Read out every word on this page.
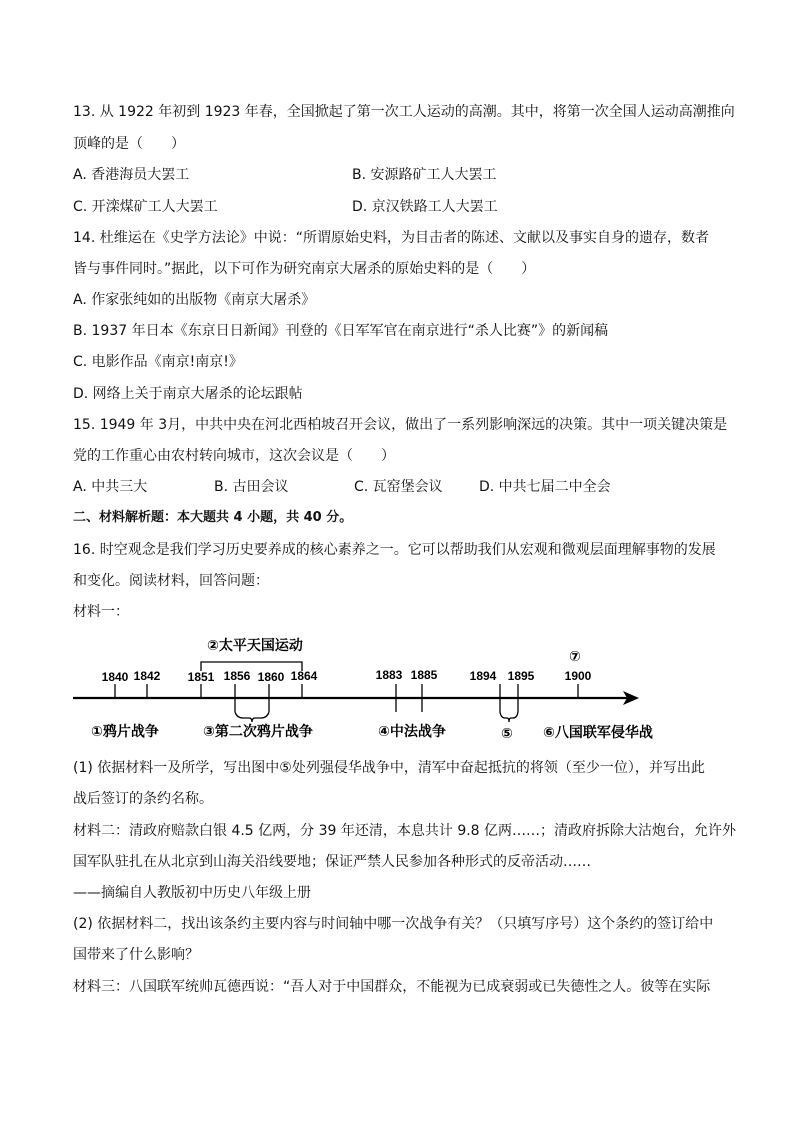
13. 从 1922 年初到 1923 年春，全国掀起了第一次工人运动的高潮。其中，将第一次全国人运动高潮推向
顶峰的是（　　）
A. 香港海员大罢工	B. 安源路矿工人大罢工
C. 开滦煤矿工人大罢工	D. 京汉铁路工人大罢工
14. 杜维运在《史学方法论》中说：“所谓原始史料，为目击者的陈述、文献以及事实自身的遗存，数者
皆与事件同时。”据此，以下可作为研究南京大屠杀的原始史料的是（　　）
A. 作家张纯如的出版物《南京大屠杀》
B. 1937 年日本《东京日日新闻》刊登的《日军军官在南京进行“杀人比赛”》的新闻稿
C. 电影作品《南京!南京!》
D. 网络上关于南京大屠杀的论坛跟帖
15. 1949 年 3月，中共中央在河北西柏坡召开会议，做出了一系列影响深远的决策。其中一项关键决策是
党的工作重心由农村转向城市，这次会议是（　　）
A. 中共三大	B. 古田会议	C. 瓦窑堡会议	D. 中共七届二中全会
二、材料解析题：本大题共 4 小题，共 40 分。
16. 时空观念是我们学习历史要养成的核心素养之一。它可以帮助我们从宏观和微观层面理解事物的发展
和变化。阅读材料，回答问题：
材料一：
1840 1842 1851 1856 1860 1864	1883 1885	1894 1895	1900
②太平天国运动
⑦
①鸦片战争	③第二次鸦片战争	④中法战争	⑤ ⑥八国联军侵华战
(1) 依据材料一及所学，写出图中⑤处列强侵华战争中，清军中奋起抵抗的将领（至少一位），并写出此
战后签订的条约名称。
材料二：清政府赔款白银 4.5 亿两，分 39 年还清，本息共计 9.8 亿两……；清政府拆除大沽炮台，允许外
国军队驻扎在从北京到山海关沿线要地；保证严禁人民参加各种形式的反帝活动……
——摘编自人教版初中历史八年级上册
(2) 依据材料二，找出该条约主要内容与时间轴中哪一次战争有关？（只填写序号）这个条约的签订给中
国带来了什么影响？
材料三：八国联军统帅瓦德西说：“吾人对于中国群众，不能视为已成衰弱或已失德性之人。彼等在实际
